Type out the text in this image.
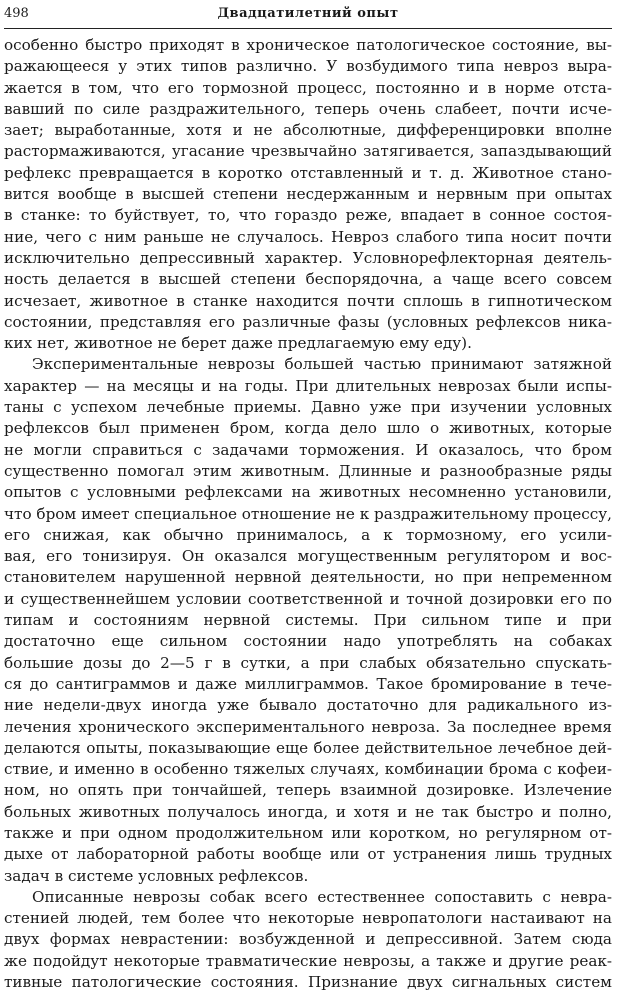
498	Двадцатилетний опыт
особенно быстро приходят в хроническое патологическое состояние, вы-
ражающееся у этих типов различно. У возбудимого типа невроз выра-
жается в том, что его тормозной процесс, постоянно и в норме отста-
вавший по силе раздражительного, теперь очень слабеет, почти исче-
зает; выработанные, хотя и не абсолютные, дифференцировки вполне
растормаживаются, угасание чрезвычайно затягивается, запаздывающий
рефлекс превращается в коротко отставленный и т. д. Животное стано-
вится вообще в высшей степени несдержанным и нервным при опытах
в станке: то буйствует, то, что гораздо реже, впадает в сонное состоя-
ние, чего с ним раньше не случалось. Невроз слабого типа носит почти
исключительно депрессивный характер. Условнорефлекторная деятель-
ность делается в высшей степени беспорядочна, а чаще всего совсем
исчезает, животное в станке находится почти сплошь в гипнотическом
состоянии, представляя его различные фазы (условных рефлексов ника-
ких нет, животное не берет даже предлагаемую ему еду).
Экспериментальные неврозы большей частью принимают затяжной
характер — на месяцы и на годы. При длительных неврозах были испы-
таны с успехом лечебные приемы. Давно уже при изучении условных
рефлексов был применен бром, когда дело шло о животных, которые
не могли справиться с задачами торможения. И оказалось, что бром
существенно помогал этим животным. Длинные и разнообразные ряды
опытов с условными рефлексами на животных несомненно установили,
что бром имеет специальное отношение не к раздражительному процессу,
его снижая, как обычно принималось, а к тормозному, его усили-
вая, его тонизируя. Он оказался могущественным регулятором и вос-
становителем нарушенной нервной деятельности, но при непременном
и существеннейшем условии соответственной и точной дозировки его по
типам и состояниям нервной системы. При сильном типе и при
достаточно еще сильном состоянии надо употреблять на собаках
большие дозы до 2—5 г в сутки, а при слабых обязательно спускать-
ся до сантиграммов и даже миллиграммов. Такое бромирование в тече-
ние недели-двух иногда уже бывало достаточно для радикального из-
лечения хронического экспериментального невроза. За последнее время
делаются опыты, показывающие еще более действительное лечебное дей-
ствие, и именно в особенно тяжелых случаях, комбинации брома с кофеи-
ном, но опять при тончайшей, теперь взаимной дозировке. Излечение
больных животных получалось иногда, и хотя и не так быстро и полно,
также и при одном продолжительном или коротком, но регулярном от-
дыхе от лабораторной работы вообще или от устранения лишь трудных
задач в системе условных рефлексов.
Описанные неврозы собак всего естественнее сопоставить с невра-
стенией людей, тем более что некоторые невропатологи настаивают на
двух формах неврастении: возбужденной и депрессивной. Затем сюда
же подойдут некоторые травматические неврозы, а также и другие реак-
тивные патологические состояния. Признание двух сигнальных систем
